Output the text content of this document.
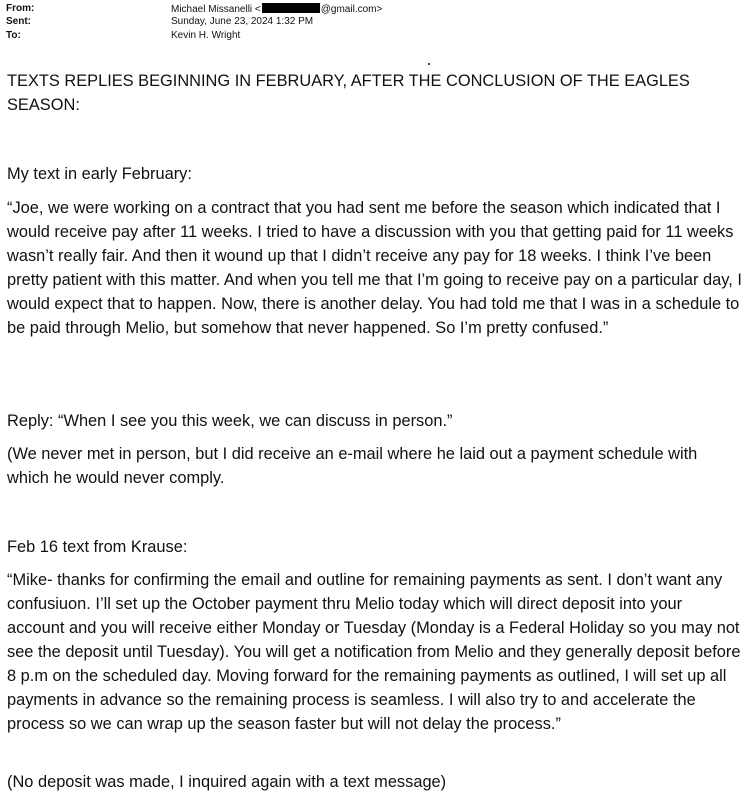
From:	Michael Missanelli <	@gmail.com>
Sent:	Sunday, June 23, 2024 1:32 PM
To:	Kevin H. Wright

TEXTS REPLIES BEGINNING IN FEBRUARY, AFTER THE CONCLUSION OF THE EAGLES SEASON:

My text in early February:

“Joe, we were working on a contract that you had sent me before the season which indicated that I would receive pay after 11 weeks. I tried to have a discussion with you that getting paid for 11 weeks wasn’t really fair. And then it wound up that I didn’t receive any pay for 18 weeks. I think I’ve been pretty patient with this matter. And when you tell me that I’m going to receive pay on a particular day, I would expect that to happen. Now, there is another delay. You had told me that I was in a schedule to be paid through Melio, but somehow that never happened. So I’m pretty confused.”

Reply: “When I see you this week, we can discuss in person.”

(We never met in person, but I did receive an e-mail where he laid out a payment schedule with which he would never comply.

Feb 16 text from Krause:

“Mike- thanks for confirming the email and outline for remaining payments as sent. I don’t want any confusiuon. I’ll set up the October payment thru Melio today which will direct deposit into your account and you will receive either Monday or Tuesday (Monday is a Federal Holiday so you may not see the deposit until Tuesday). You will get a notification from Melio and they generally deposit before 8 p.m on the scheduled day. Moving forward for the remaining payments as outlined, I will set up all payments in advance so the remaining process is seamless. I will also try to and accelerate the process so we can wrap up the season faster but will not delay the process.”

(No deposit was made, I inquired again with a text message)
